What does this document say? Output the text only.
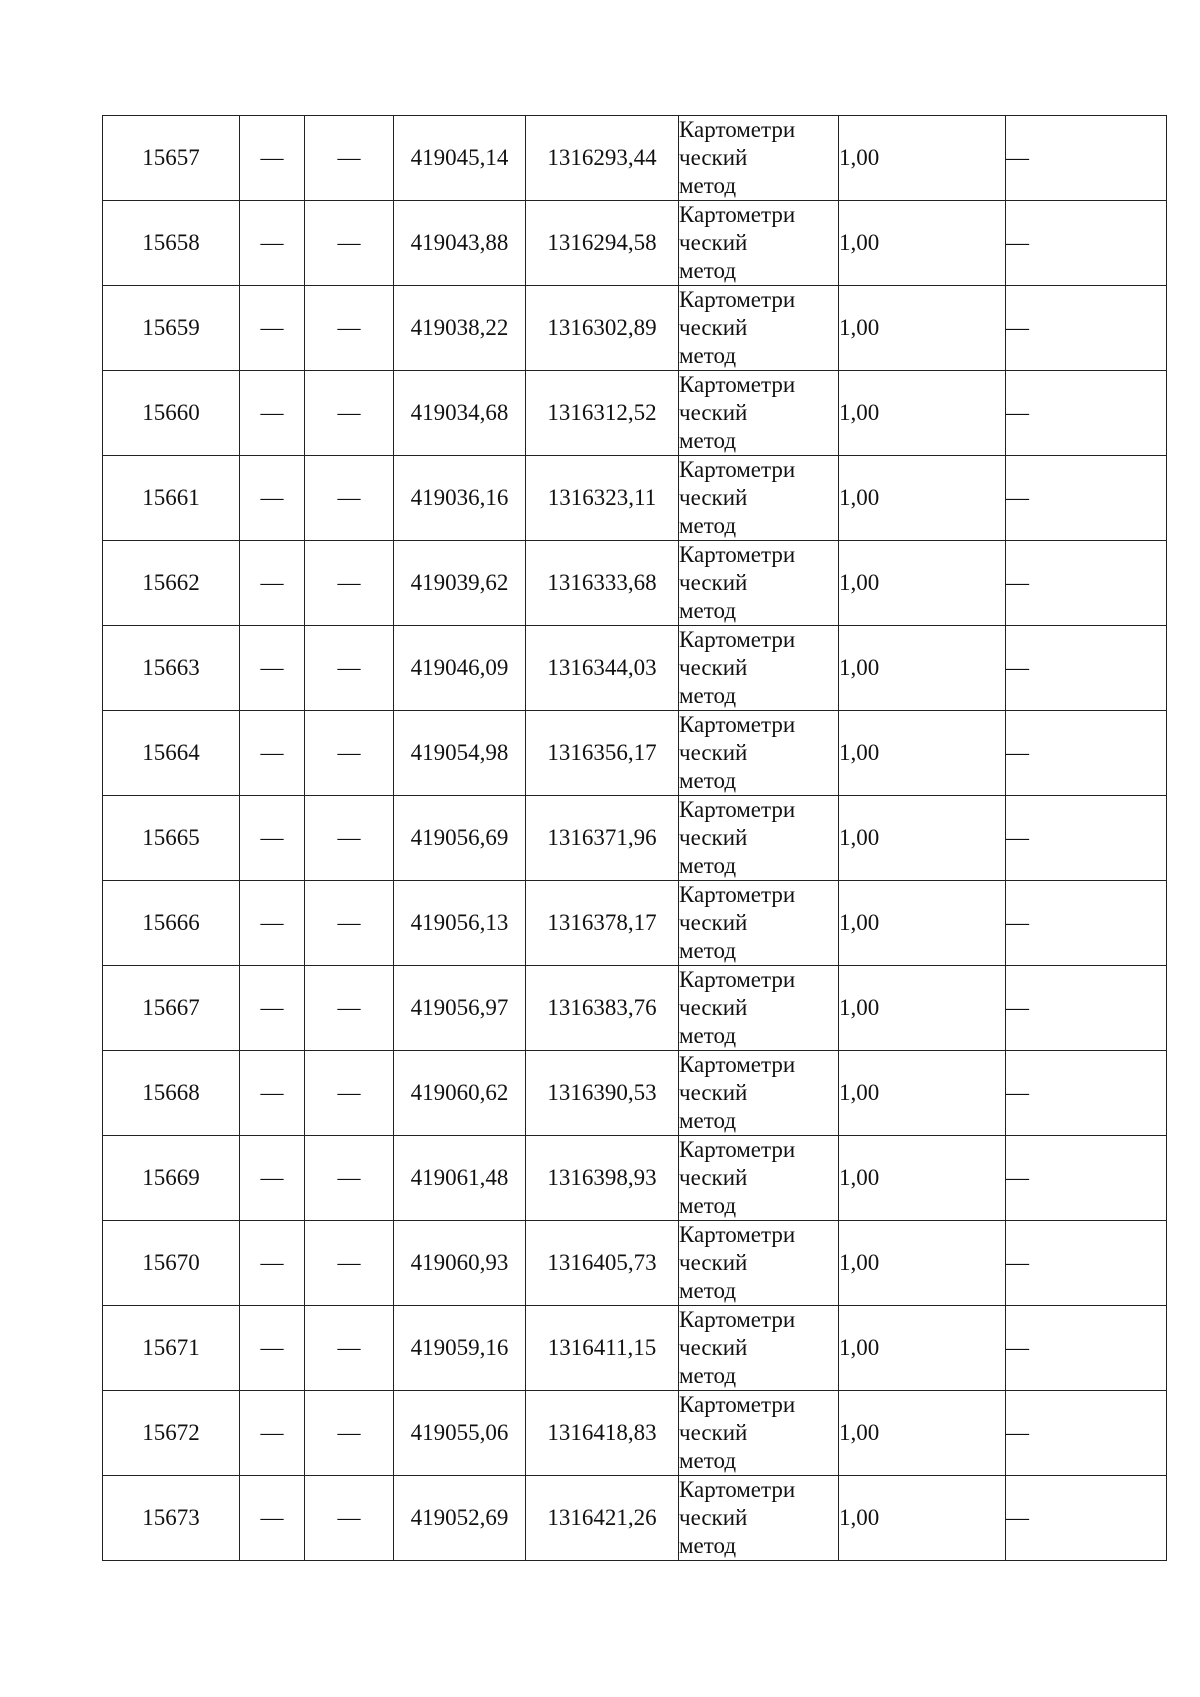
15657	—	—	419045,14	1316293,44	Картометри
ческий
метод	1,00	—
15658	—	—	419043,88	1316294,58	Картометри
ческий
метод	1,00	—
15659	—	—	419038,22	1316302,89	Картометри
ческий
метод	1,00	—
15660	—	—	419034,68	1316312,52	Картометри
ческий
метод	1,00	—
15661	—	—	419036,16	1316323,11	Картометри
ческий
метод	1,00	—
15662	—	—	419039,62	1316333,68	Картометри
ческий
метод	1,00	—
15663	—	—	419046,09	1316344,03	Картометри
ческий
метод	1,00	—
15664	—	—	419054,98	1316356,17	Картометри
ческий
метод	1,00	—
15665	—	—	419056,69	1316371,96	Картометри
ческий
метод	1,00	—
15666	—	—	419056,13	1316378,17	Картометри
ческий
метод	1,00	—
15667	—	—	419056,97	1316383,76	Картометри
ческий
метод	1,00	—
15668	—	—	419060,62	1316390,53	Картометри
ческий
метод	1,00	—
15669	—	—	419061,48	1316398,93	Картометри
ческий
метод	1,00	—
15670	—	—	419060,93	1316405,73	Картометри
ческий
метод	1,00	—
15671	—	—	419059,16	1316411,15	Картометри
ческий
метод	1,00	—
15672	—	—	419055,06	1316418,83	Картометри
ческий
метод	1,00	—
15673	—	—	419052,69	1316421,26	Картометри
ческий
метод	1,00	—
